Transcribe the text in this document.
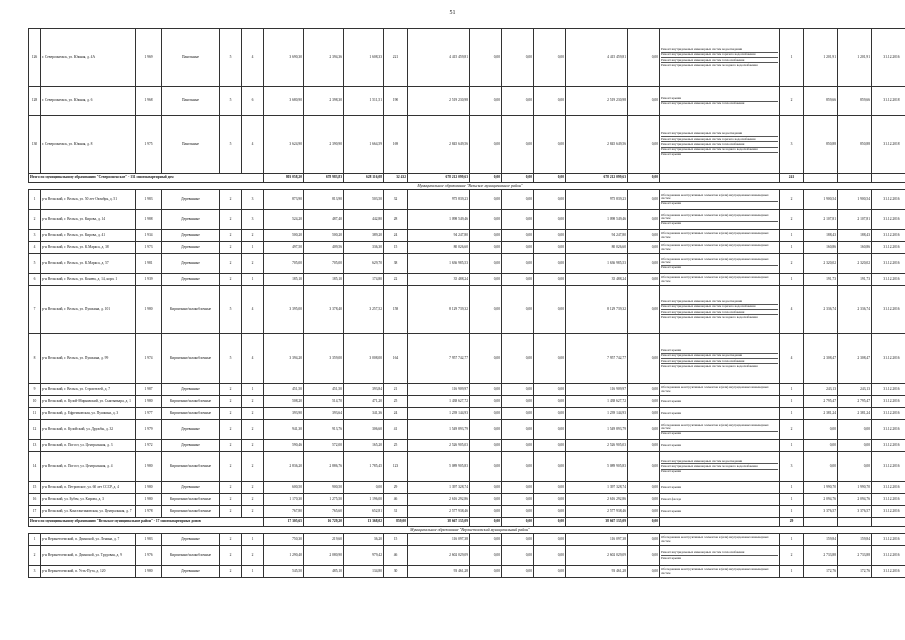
51
126	г. Североонежск, ул. Южная, д. 4А	1 969	Панельные	5	4	3 690,30	2 394,36	1 608,33	221	4 415 459,81	0,00	0,00	0,00	4 415 459,81	0,00	Ремонт внутридомовых инженерных систем водоотведения
Ремонт внутридомовых инженерных систем горячего водоснабжения
Ремонт внутридомовых инженерных систем теплоснабжения
Ремонт внутридомовых инженерных систем холодного водоснабжения	1	1 201,91	1 201,91	31.12.2016
128	г. Североонежск, ул. Южная, д. 6	1 968	Панельные	5	6	3 680,90	2 398,30	1 511,51	190	2 519 230,98	0,00	0,00	0,00	2 519 230,98	0,00	Ремонт крыши
Ремонт внутридомовых инженерных систем теплоснабжения	2	859,66	859,66	31.12.2018
130	г. Североонежск, ул. Южная, д. 8	1 975	Панельные	5	4	3 624,90	2 390,90	1 664,59	169	2 845 649,56	0,00	0,00	0,00	2 845 649,56	0,00	Ремонт внутридомовых инженерных систем водоотведения
Ремонт внутридомовых инженерных систем горячего водоснабжения
Ремонт внутридомовых инженерных систем теплоснабжения
Ремонт внутридомовых инженерных систем холодного водоснабжения
Ремонт крыши	3	850,88	850,88	31.12.2018
Итого по муниципальному образованию "Североонежское" - 131 многоквартирный дом						803 058,20	678 983,83	628 116,08	32 432	678 212 099,63	0,00	0,00	0,00	678 212 099,63	0,00		241			
Муниципальное образование "Вельское муниципальное район"																				
1	р-н Вельский, г. Вельск, ул. 50 лет Октября, д. 51	1 983	Деревянные	2	3	873,90	813,90	503,50	32	975 839,23	0,00	0,00	0,00	975 839,23	0,00	Обследование конструктивных элементов и (или) внутридомовых инженерных систем
Ремонт крыши	2	1 900,54	1 900,54	31.12.2016
2	р-н Вельский, г. Вельск, ул. Кирова, д. 14	1 988	Деревянные	2	3	524,20	487,40	442,80	28	1 098 549,46	0,00	0,00	0,00	1 098 549,46	0,00	Обследование конструктивных элементов и (или) внутридомовых инженерных систем
Ремонт крыши	2	2 107,81	2 107,81	31.12.2016
3	р-н Вельский, г. Вельск, ул. Кирова, д. 41	1 934	Деревянные	2	2	500,20	500,20	389,20	24	94 247,80	0,00	0,00	0,00	94 247,80	0,00	Обследование конструктивных элементов и (или) внутридомовых инженерных систем	1	188,43	188,43	31.12.2016
4	р-н Вельский, г. Вельск, ул. К.Маркса, д. 38	1 973	Деревянные	2	1	497,50	409,56	336,30	15	80 026,60	0,00	0,00	0,00	80 026,60	0,00	Обследование конструктивных элементов и (или) внутридомовых инженерных систем	1	160,86	160,86	31.12.2016
5	р-н Вельский, г. Вельск, ул. К.Маркса, д. 57	1 981	Деревянные	2	2	705,00	705,00	629,70	38	1 636 985,53	0,00	0,00	0,00	1 636 985,53	0,00	Обследование конструктивных элементов и (или) внутридомовых инженерных систем
Ремонт крыши	2	2 320,02	2 320,02	31.12.2016
6	р-н Вельский, г. Вельск, ул. Конева, д. 14, корп. 1	1 939	Деревянные	2	1	185,10	185,10	174,80	22	35 488,24	0,00	0,00	0,00	35 488,24	0,00	Обследование конструктивных элементов и (или) внутридомовых инженерных систем	1	191,73	191,73	31.12.2016
7	р-н Вельский, г. Вельск, ул. Пушкина, д. 101	1 980	Кирпичные/шлакоблочные	5	4	3 395,00	3 378,40	3 257,52	158	8 129 739,32	0,00	0,00	0,00	8 129 739,32	0,00	Ремонт внутридомовых инженерных систем водоотведения
Ремонт внутридомовых инженерных систем горячего водоснабжения
Ремонт внутридомовых инженерных систем теплоснабжения
Ремонт внутридомовых инженерных систем холодного водоснабжения	4	2 336,74	2 336,74	31.12.2016
8	р-н Вельский, г. Вельск, ул. Пушкина, д. 99	1 974	Кирпичные/шлакоблочные	5	4	3 394,20	3 359,00	3 008,00	164	7 957 742,77	0,00	0,00	0,00	7 957 742,77	0,00	Ремонт крыши
Ремонт внутридомовых инженерных систем водоотведения
Ремонт внутридомовых инженерных систем теплоснабжения
Ремонт внутридомовых инженерных систем холодного водоснабжения	4	2 308,47	2 308,47	31.12.2016
9	р-н Вельский, г. Вельск, ул. Строителей, д. 7	1 987	Деревянные	2	1	451,50	451,50	393,84	21	116 909,97	0,00	0,00	0,00	116 909,97	0,00	Обследование конструктивных элементов и (или) внутридомовых инженерных систем	1	243,13	243,13	31.12.2016
10	р-н Вельский, п. Кулой-Мирнявский, ул. Сыктывкара, д. 1	1 980	Кирпичные/шлакоблочные	2	2	508,20	514,70	471,20	25	1 438 627,72	0,00	0,00	0,00	1 438 627,72	0,00	Ремонт крыши	1	2 795,47	2 795,47	31.12.2016
11	р-н Вельский, д. Ефремковская, ул. Пушкина, д. 3	1 977	Кирпичные/шлакоблочные	2	2	393,90	393,64	341,36	24	1 239 144,93	0,00	0,00	0,00	1 239 144,93	0,00	Ремонт крыши	1	2 381,24	2 381,24	31.12.2016
12	р-н Вельский, п. Кулойский, ул. Дружбы, д. 32	1 979	Деревянные	2	2	941,30	913,76	306,60	41	1 549 893,79	0,00	0,00	0,00	1 549 893,79	0,00	Обследование конструктивных элементов и (или) внутридомовых инженерных систем
Ремонт крыши	2	0,00	0,00	31.12.2016
13	р-н Вельский, п. Погост, ул. Центральная, д. 3	1 972	Деревянные	2	2	590,46	572,00	165,20	25	2 526 905,03	0,00	0,00	0,00	2 526 905,03	0,00	Ремонт крыши	1	0,00	0,00	31.12.2016
14	р-н Вельский, п. Погост, ул. Центральная, д. 4	1 980	Кирпичные/шлакоблочные	2	2	2 836,20	2 886,76	1 785,45	123	5 089 905,83	0,00	0,00	0,00	5 089 905,83	0,00	Ремонт внутридомовых инженерных систем водоотведения
Ремонт внутридомовых инженерных систем холодного водоснабжения
Ремонт крыши	3	0,00	0,00	31.12.2016
15	р-н Вельский, п. Петровское, ул. 60 лет СССР, д. 4	1 980	Деревянные	2	2	600,50	900,50	0,00	29	1 397 328,74	0,00	0,00	0,00	1 397 328,74	0,00	Ремонт крыши	1	1 990,70	1 990,70	31.12.2016
16	р-н Вельский, ул. Бубен, ул. Кирова, д. 3	1 980	Кирпичные/шлакоблочные	2	2	1 170,30	1 275,50	1 196,00	46	2 616 292,86	0,00	0,00	0,00	2 616 292,86	0,00	Ремонт фасада	1	2 094,76	2 094,76	31.12.2016
17	р-н Вельский, ул. Константиновская, ул. Центральная, д. 7	1 978	Кирпичные/шлакоблочные	2	2	767,80	765,60	652,81	31	2 577 938,46	0,00	0,00	0,00	2 577 938,46	0,00	Ремонт крыши	1	3 376,57	3 376,57	31.12.2016
Итого по муниципальному образованию "Вельское муниципальное район" - 17 многоквартирных домов						17 305,65	16 729,20	13 368,02	859,00	38 667 135,09	0,00	0,00	0,00	38 667 135,09	0,00		29			
Муниципальное образование "Верхнетоемский муниципальный район"																				
1	р-н Верхнетоемский, п. Двинской, ул. Ленина, д. 7	1 983	Деревянные	2	1	750,30	219,60	36,20	15	116 097,38	0,00	0,00	0,00	116 097,38	0,00	Обследование конструктивных элементов и (или) внутридомовых инженерных систем	1	159,84	159,84	31.12.2016
2	р-н Верхнетоемский, п. Двинской, ул. Трудовая, д. 9	1 976	Кирпичные/шлакоблочные	2	2	1 290,40	2 080,90	979,42	46	2 602 029,09	0,00	0,00	0,00	2 602 029,09	0,00	Ремонт внутридомовых инженерных систем теплоснабжения
Ремонт крыши	2	2 733,88	2 733,88	31.12.2016
3	р-н Верхнетоемский, п. Усть-Пута, д. 120	1 980	Деревянные	2	1	545,50	485,10	134,80	30	93 461,28	0,00	0,00	0,00	93 461,28	0,00	Обследование конструктивных элементов и (или) внутридомовых инженерных систем	1	172,76	172,76	31.12.2016
